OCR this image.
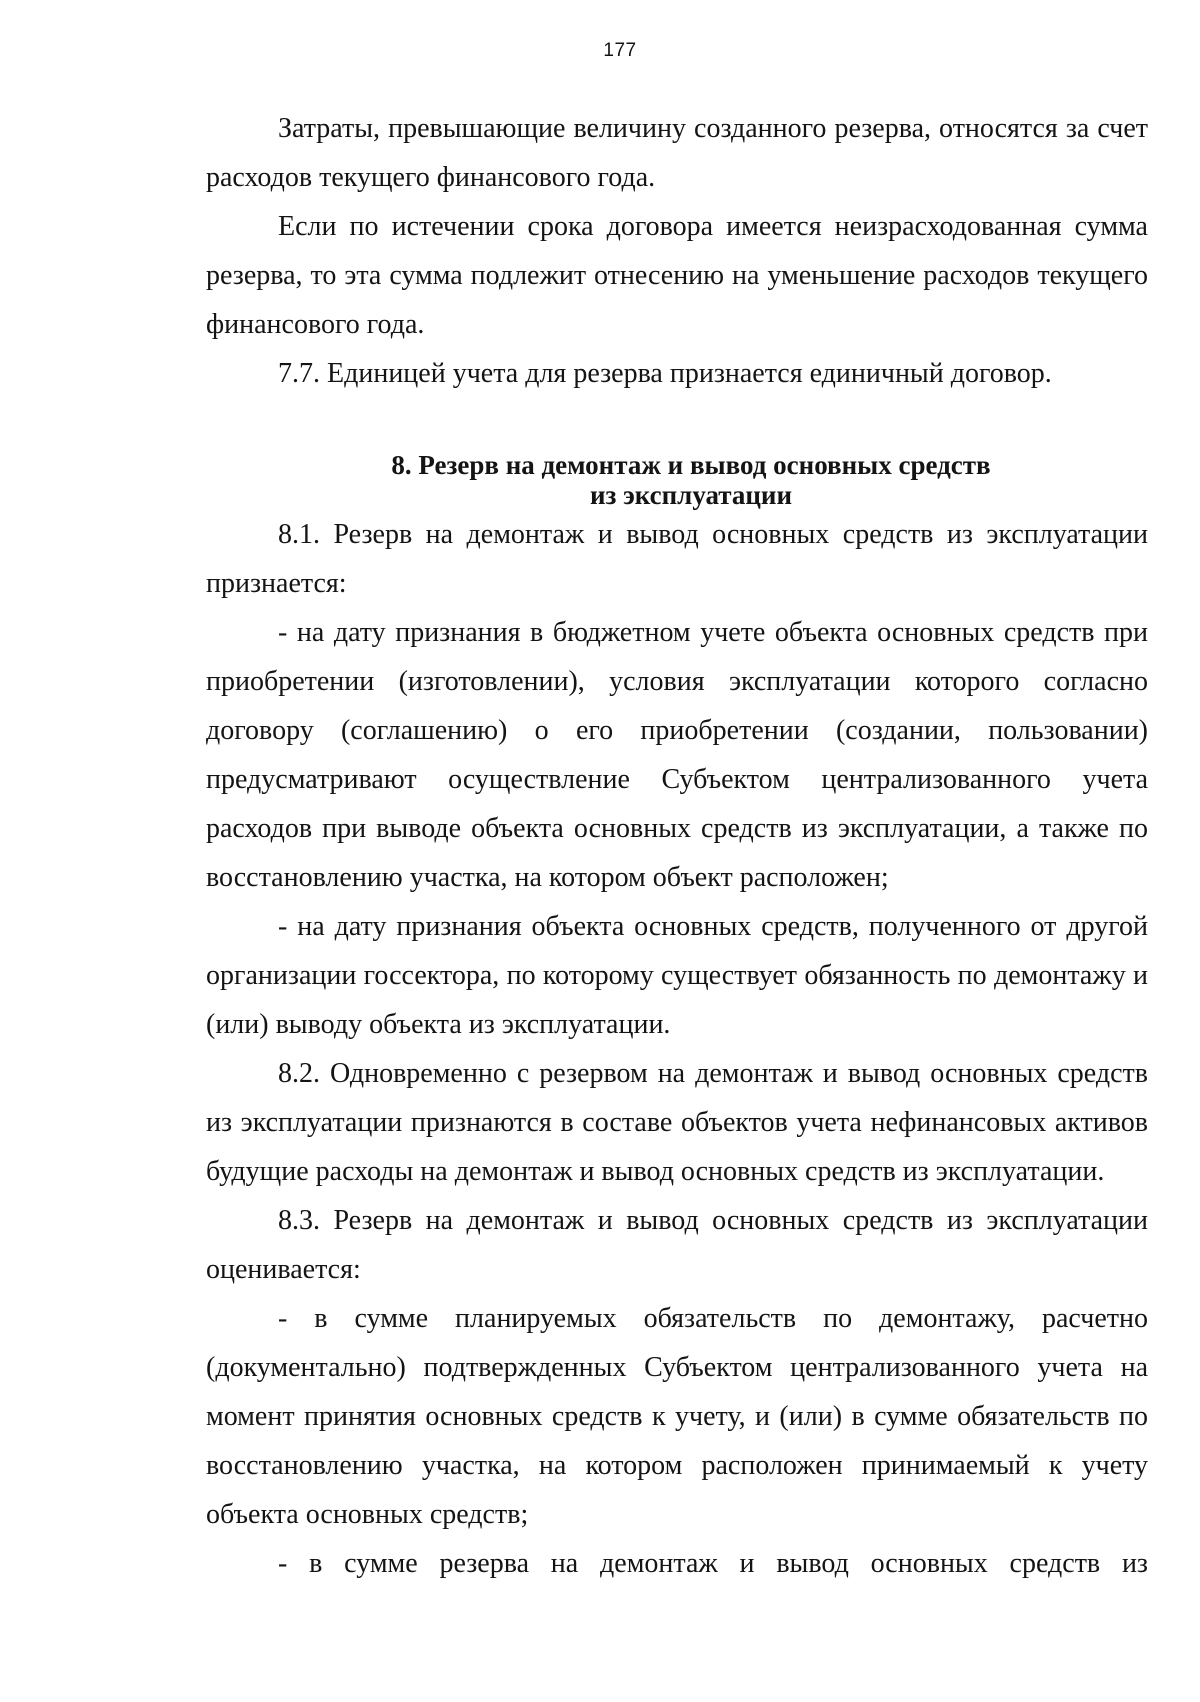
177

Затраты, превышающие величину созданного резерва, относятся за счет расходов текущего финансового года.

Если по истечении срока договора имеется неизрасходованная сумма резерва, то эта сумма подлежит отнесению на уменьшение расходов текущего финансового года.

7.7. Единицей учета для резерва признается единичный договор.

8. Резерв на демонтаж и вывод основных средств
из эксплуатации

8.1. Резерв на демонтаж и вывод основных средств из эксплуатации признается:

- на дату признания в бюджетном учете объекта основных средств при приобретении (изготовлении), условия эксплуатации которого согласно договору (соглашению) о его приобретении (создании, пользовании) предусматривают осуществление Субъектом централизованного учета расходов при выводе объекта основных средств из эксплуатации, а также по восстановлению участка, на котором объект расположен;

- на дату признания объекта основных средств, полученного от другой организации госсектора, по которому существует обязанность по демонтажу и (или) выводу объекта из эксплуатации.

8.2. Одновременно с резервом на демонтаж и вывод основных средств из эксплуатации признаются в составе объектов учета нефинансовых активов будущие расходы на демонтаж и вывод основных средств из эксплуатации.

8.3. Резерв на демонтаж и вывод основных средств из эксплуатации оценивается:

- в сумме планируемых обязательств по демонтажу, расчетно (документально) подтвержденных Субъектом централизованного учета на момент принятия основных средств к учету, и (или) в сумме обязательств по восстановлению участка, на котором расположен принимаемый к учету объекта основных средств;

- в сумме резерва на демонтаж и вывод основных средств из
